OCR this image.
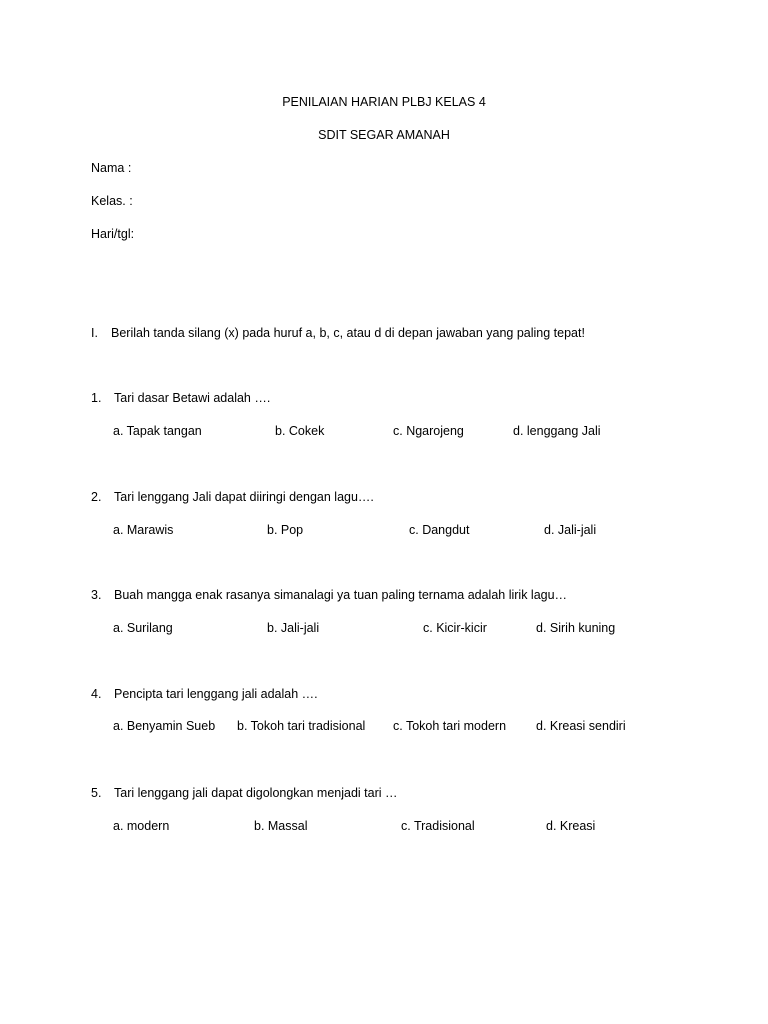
PENILAIAN HARIAN PLBJ KELAS 4
SDIT SEGAR AMANAH
Nama :
Kelas. :
Hari/tgl:
I. Berilah tanda silang (x) pada huruf a, b, c, atau d di depan jawaban yang paling tepat!
1. Tari dasar Betawi adalah ….
a. Tapak tangan	b. Cokek	c. Ngarojeng	d. lenggang Jali
2. Tari lenggang Jali dapat diiringi dengan lagu….
a. Marawis	b. Pop	c. Dangdut	d. Jali-jali
3. Buah mangga enak rasanya simanalagi ya tuan paling ternama adalah lirik lagu…
a. Surilang	b. Jali-jali	c. Kicir-kicir	d. Sirih kuning
4. Pencipta tari lenggang jali adalah ….
a. Benyamin Sueb b. Tokoh tari tradisional c. Tokoh tari modern d. Kreasi sendiri
5. Tari lenggang jali dapat digolongkan menjadi tari …
a. modern	b. Massal	c. Tradisional	d. Kreasi
